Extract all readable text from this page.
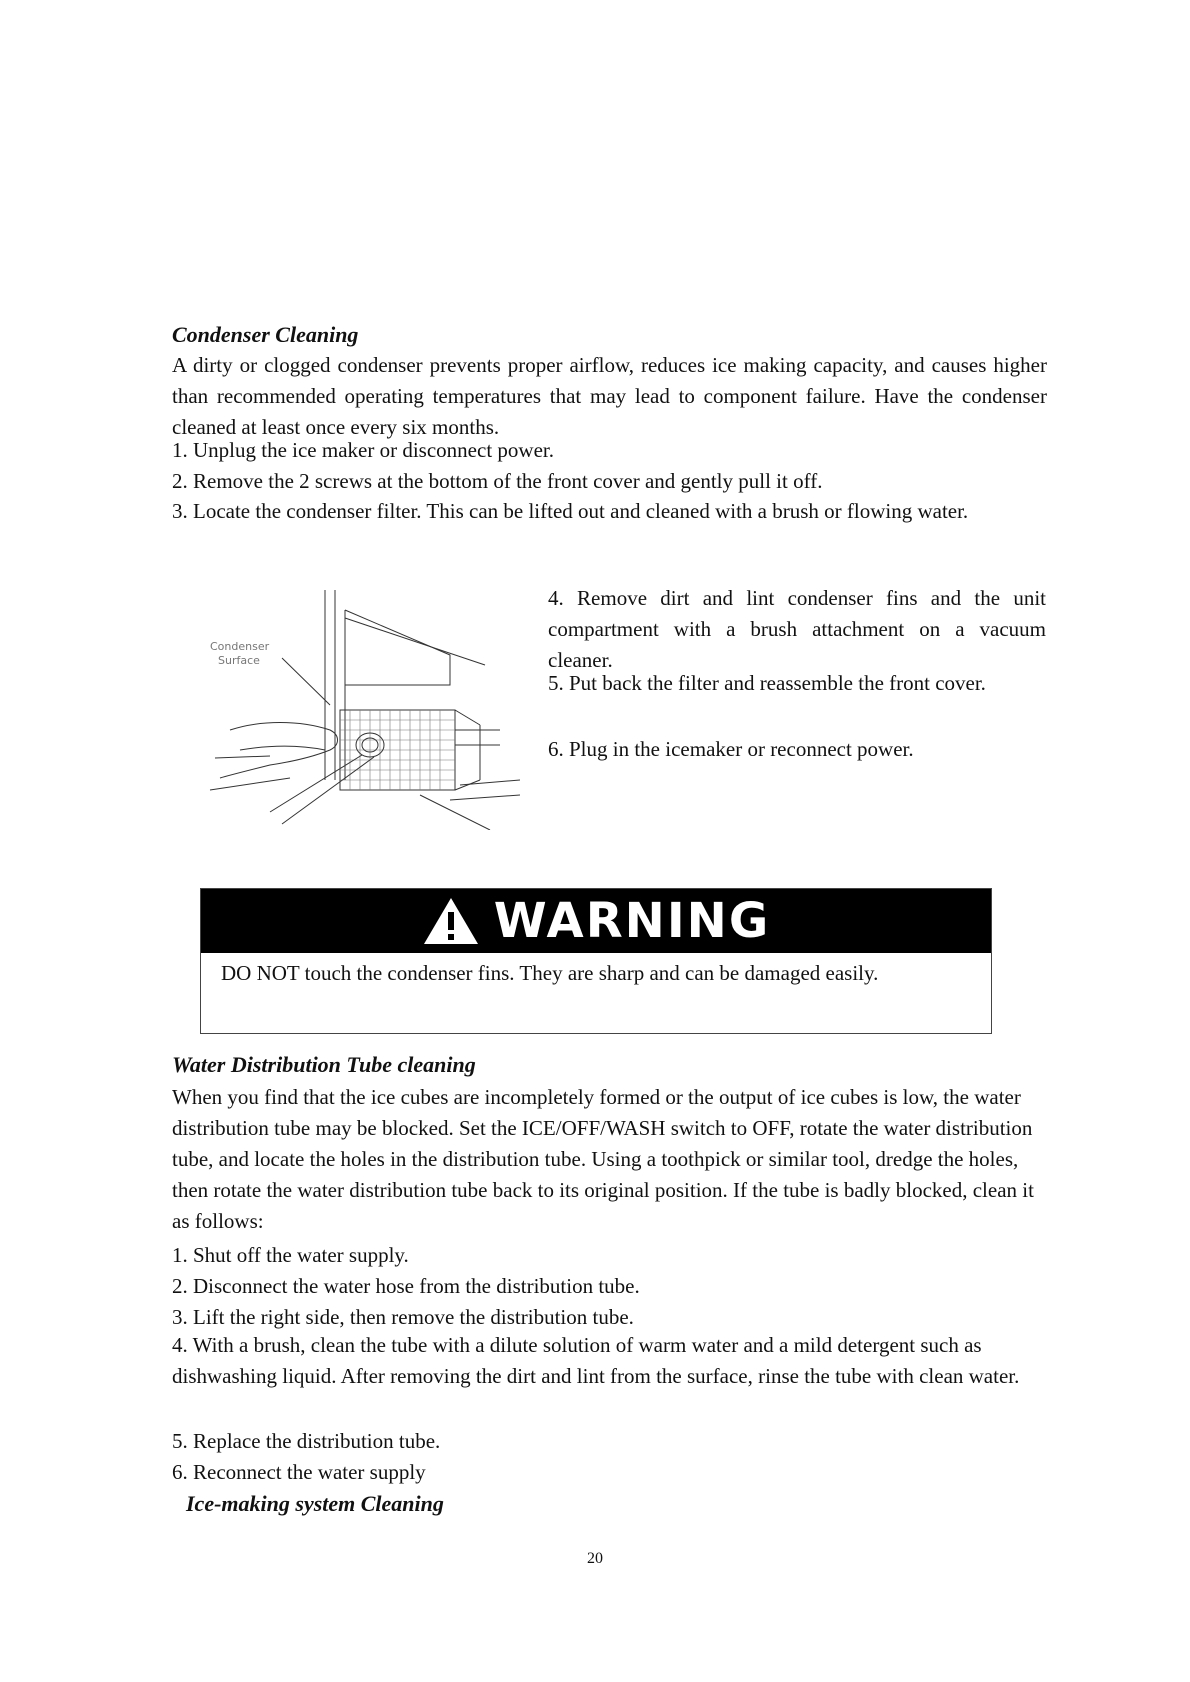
Condenser Cleaning
A dirty or clogged condenser prevents proper airflow, reduces ice making capacity, and causes higher than recommended operating temperatures that may lead to component failure. Have the condenser cleaned at least once every six months.
1. Unplug the ice maker or disconnect power.
2. Remove the 2 screws at the bottom of the front cover and gently pull it off.
3. Locate the condenser filter. This can be lifted out and cleaned with a brush or flowing water.
Condenser
Surface
4. Remove dirt and lint condenser fins and the unit compartment with a brush attachment on a vacuum cleaner.
5. Put back the filter and reassemble the front cover.
6. Plug in the icemaker or reconnect power.
WARNING
DO NOT touch the condenser fins. They are sharp and can be damaged easily.
Water Distribution Tube cleaning
When you find that the ice cubes are incompletely formed or the output of ice cubes is low, the water distribution tube may be blocked. Set the ICE/OFF/WASH switch to OFF, rotate the water distribution tube, and locate the holes in the distribution tube. Using a toothpick or similar tool, dredge the holes, then rotate the water distribution tube back to its original position. If the tube is badly blocked, clean it as follows:
1. Shut off the water supply.
2. Disconnect the water hose from the distribution tube.
3. Lift the right side, then remove the distribution tube.
4. With a brush, clean the tube with a dilute solution of warm water and a mild detergent such as dishwashing liquid. After removing the dirt and lint from the surface, rinse the tube with clean water.
5. Replace the distribution tube.
6. Reconnect the water supply
Ice-making system Cleaning
20
